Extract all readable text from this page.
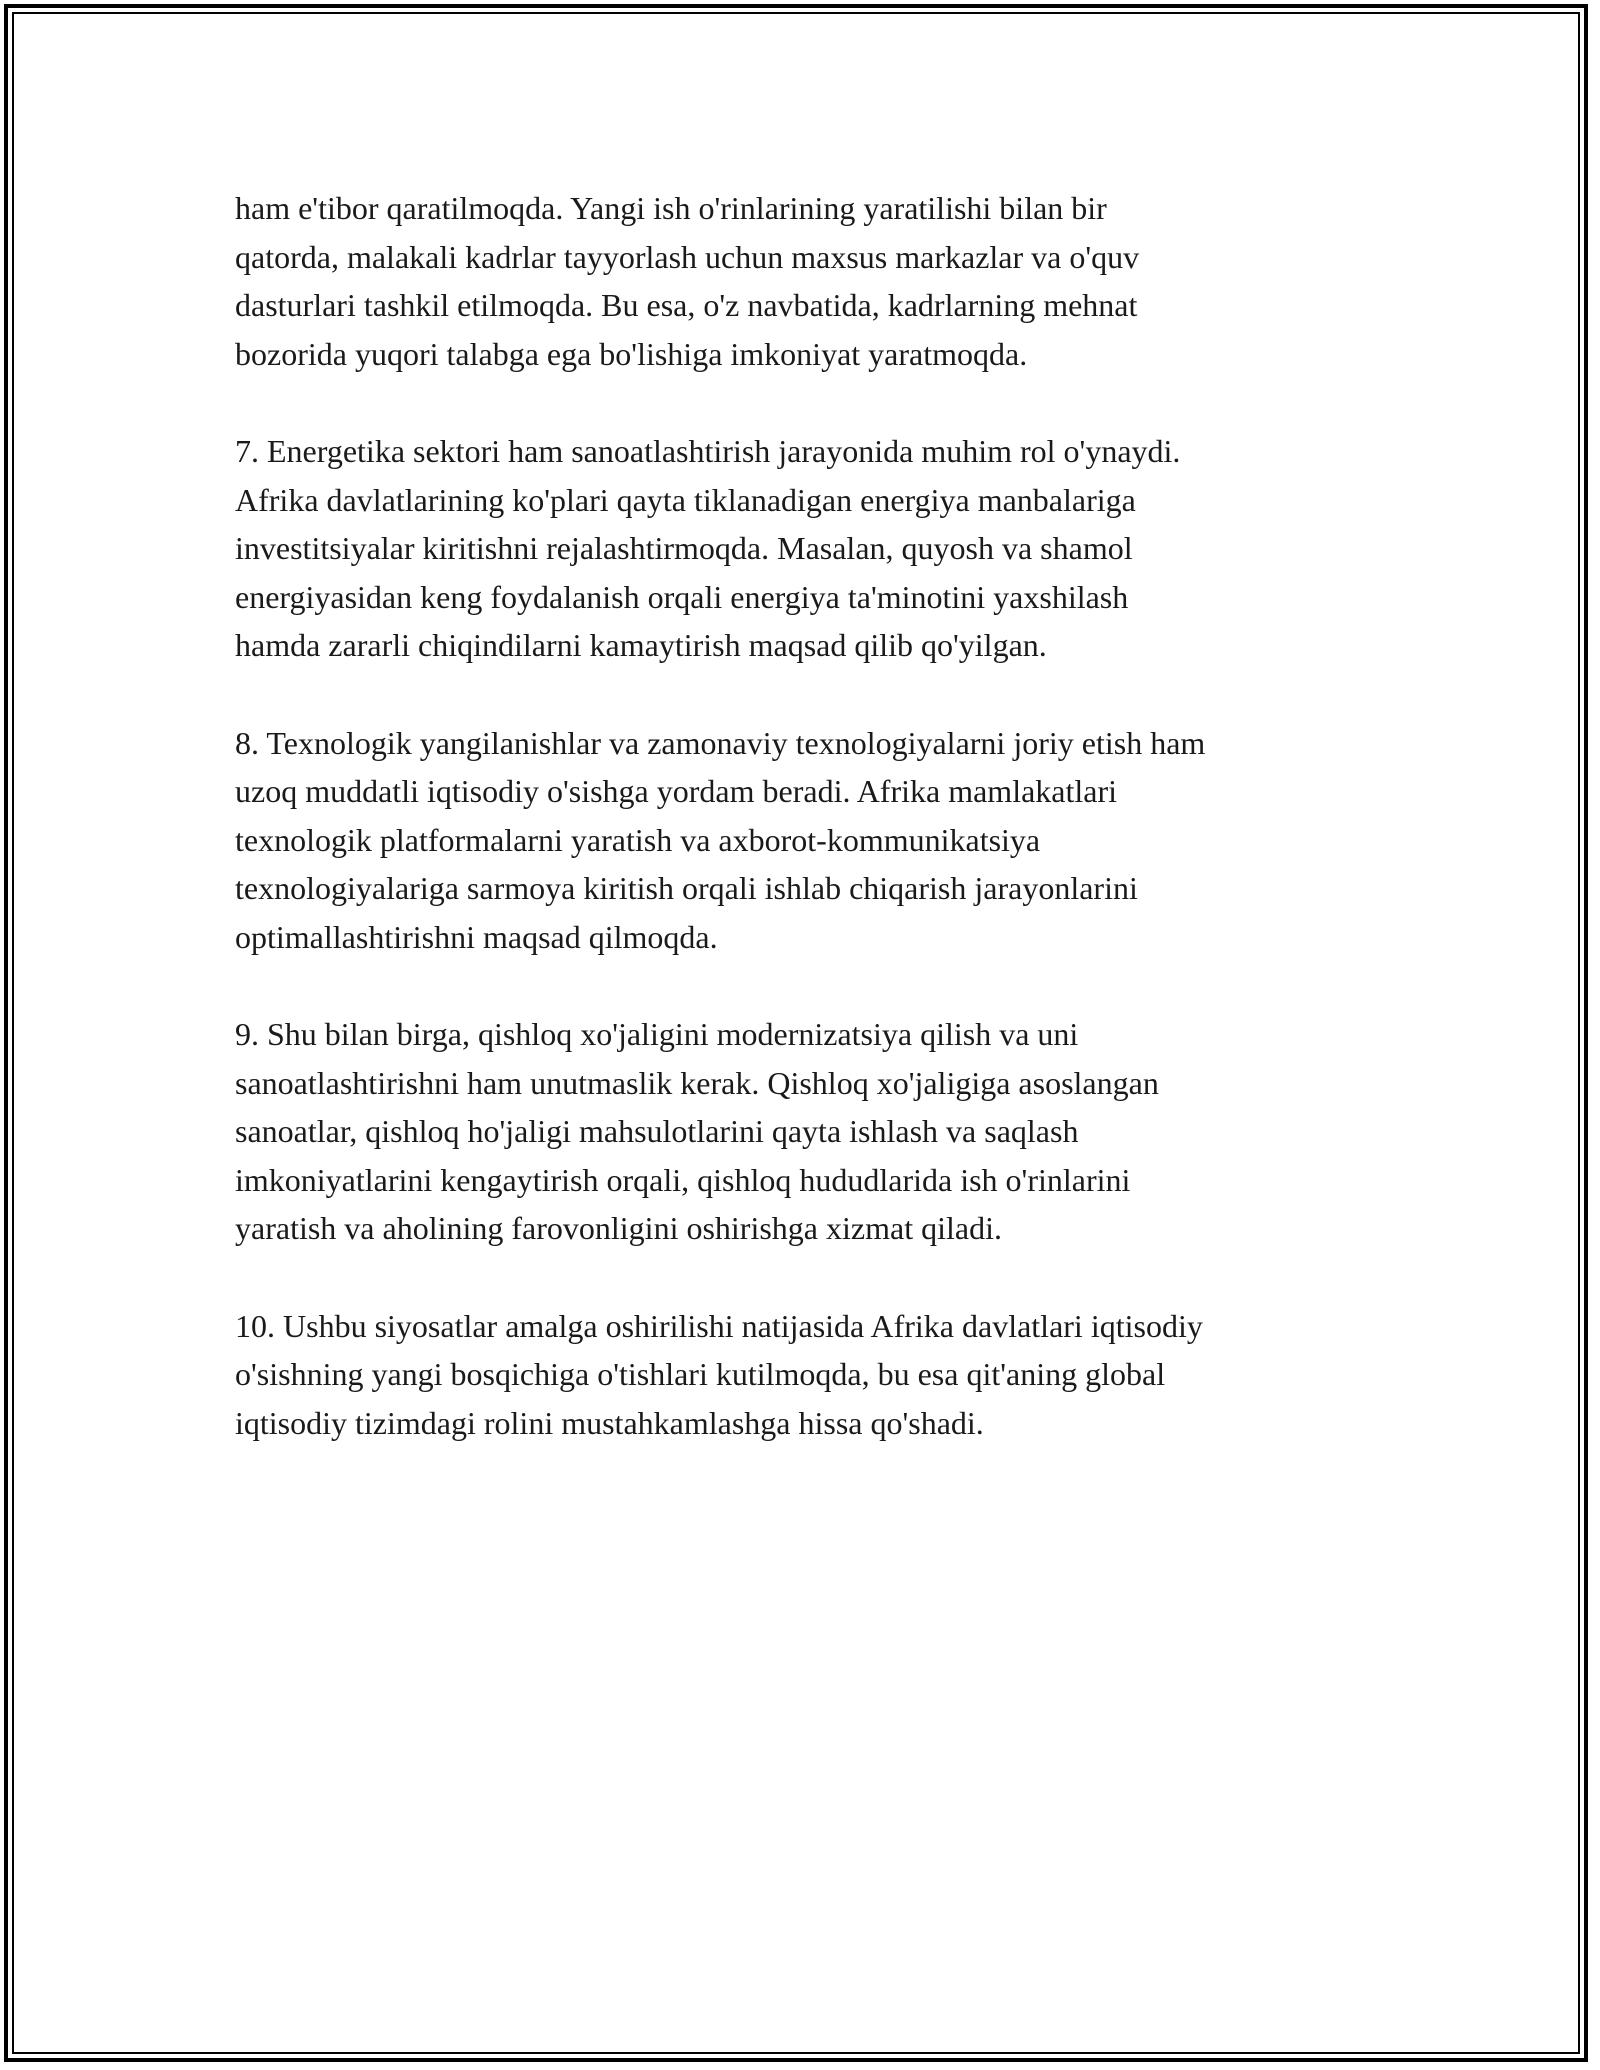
ham e'tibor qaratilmoqda. Yangi ish o'rinlarining yaratilishi bilan bir
qatorda, malakali kadrlar tayyorlash uchun maxsus markazlar va o'quv
dasturlari tashkil etilmoqda. Bu esa, o'z navbatida, kadrlarning mehnat
bozorida yuqori talabga ega bo'lishiga imkoniyat yaratmoqda.

7. Energetika sektori ham sanoatlashtirish jarayonida muhim rol o'ynaydi.
Afrika davlatlarining ko'plari qayta tiklanadigan energiya manbalariga
investitsiyalar kiritishni rejalashtirmoqda. Masalan, quyosh va shamol
energiyasidan keng foydalanish orqali energiya ta'minotini yaxshilash
hamda zararli chiqindilarni kamaytirish maqsad qilib qo'yilgan.

8. Texnologik yangilanishlar va zamonaviy texnologiyalarni joriy etish ham
uzoq muddatli iqtisodiy o'sishga yordam beradi. Afrika mamlakatlari
texnologik platformalarni yaratish va axborot-kommunikatsiya
texnologiyalariga sarmoya kiritish orqali ishlab chiqarish jarayonlarini
optimallashtirishni maqsad qilmoqda.

9. Shu bilan birga, qishloq xo'jaligini modernizatsiya qilish va uni
sanoatlashtirishni ham unutmaslik kerak. Qishloq xo'jaligiga asoslangan
sanoatlar, qishloq ho'jaligi mahsulotlarini qayta ishlash va saqlash
imkoniyatlarini kengaytirish orqali, qishloq hududlarida ish o'rinlarini
yaratish va aholining farovonligini oshirishga xizmat qiladi.

10. Ushbu siyosatlar amalga oshirilishi natijasida Afrika davlatlari iqtisodiy
o'sishning yangi bosqichiga o'tishlari kutilmoqda, bu esa qit'aning global
iqtisodiy tizimdagi rolini mustahkamlashga hissa qo'shadi.
